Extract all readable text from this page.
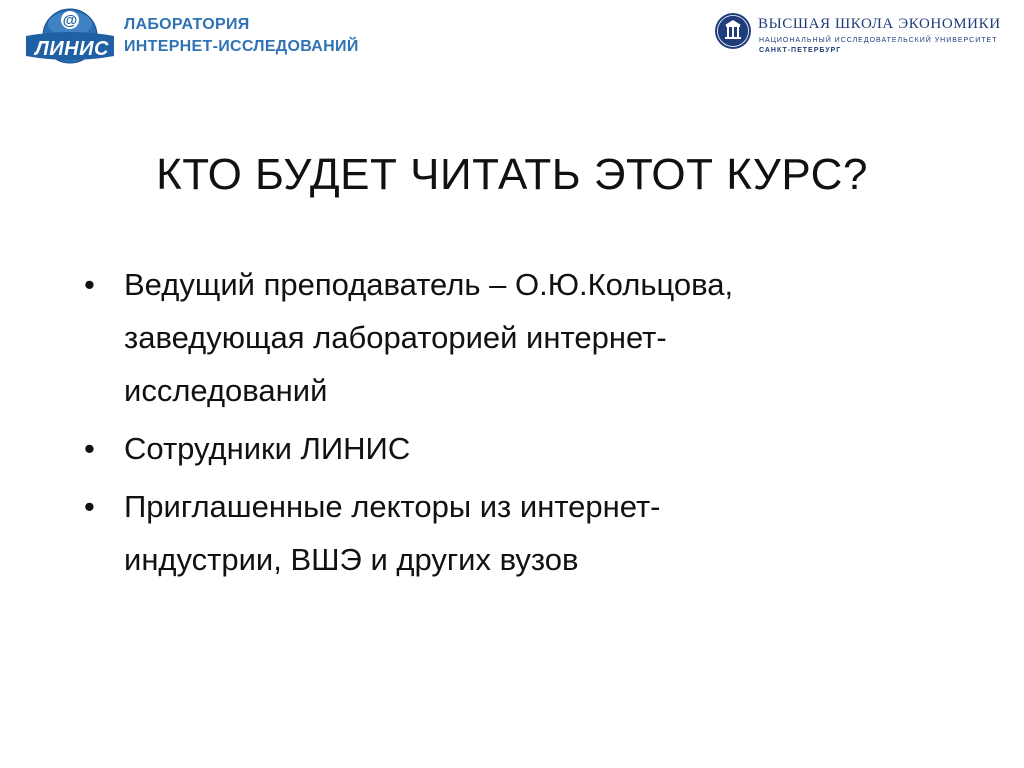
@
ЛИНИС
ЛАБОРАТОРИЯ
ИНТЕРНЕТ-ИССЛЕДОВАНИЙ
ВЫСШАЯ ШКОЛА ЭКОНОМИКИ
НАЦИОНАЛЬНЫЙ ИССЛЕДОВАТЕЛЬСКИЙ УНИВЕРСИТЕТ
САНКТ-ПЕТЕРБУРГ
КТО БУДЕТ ЧИТАТЬ ЭТОТ КУРС?
• Ведущий преподаватель – О.Ю.Кольцова,
заведующая лабораторией интернет-
исследований
• Сотрудники ЛИНИС
• Приглашенные лекторы из интернет-
индустрии, ВШЭ и других вузов
